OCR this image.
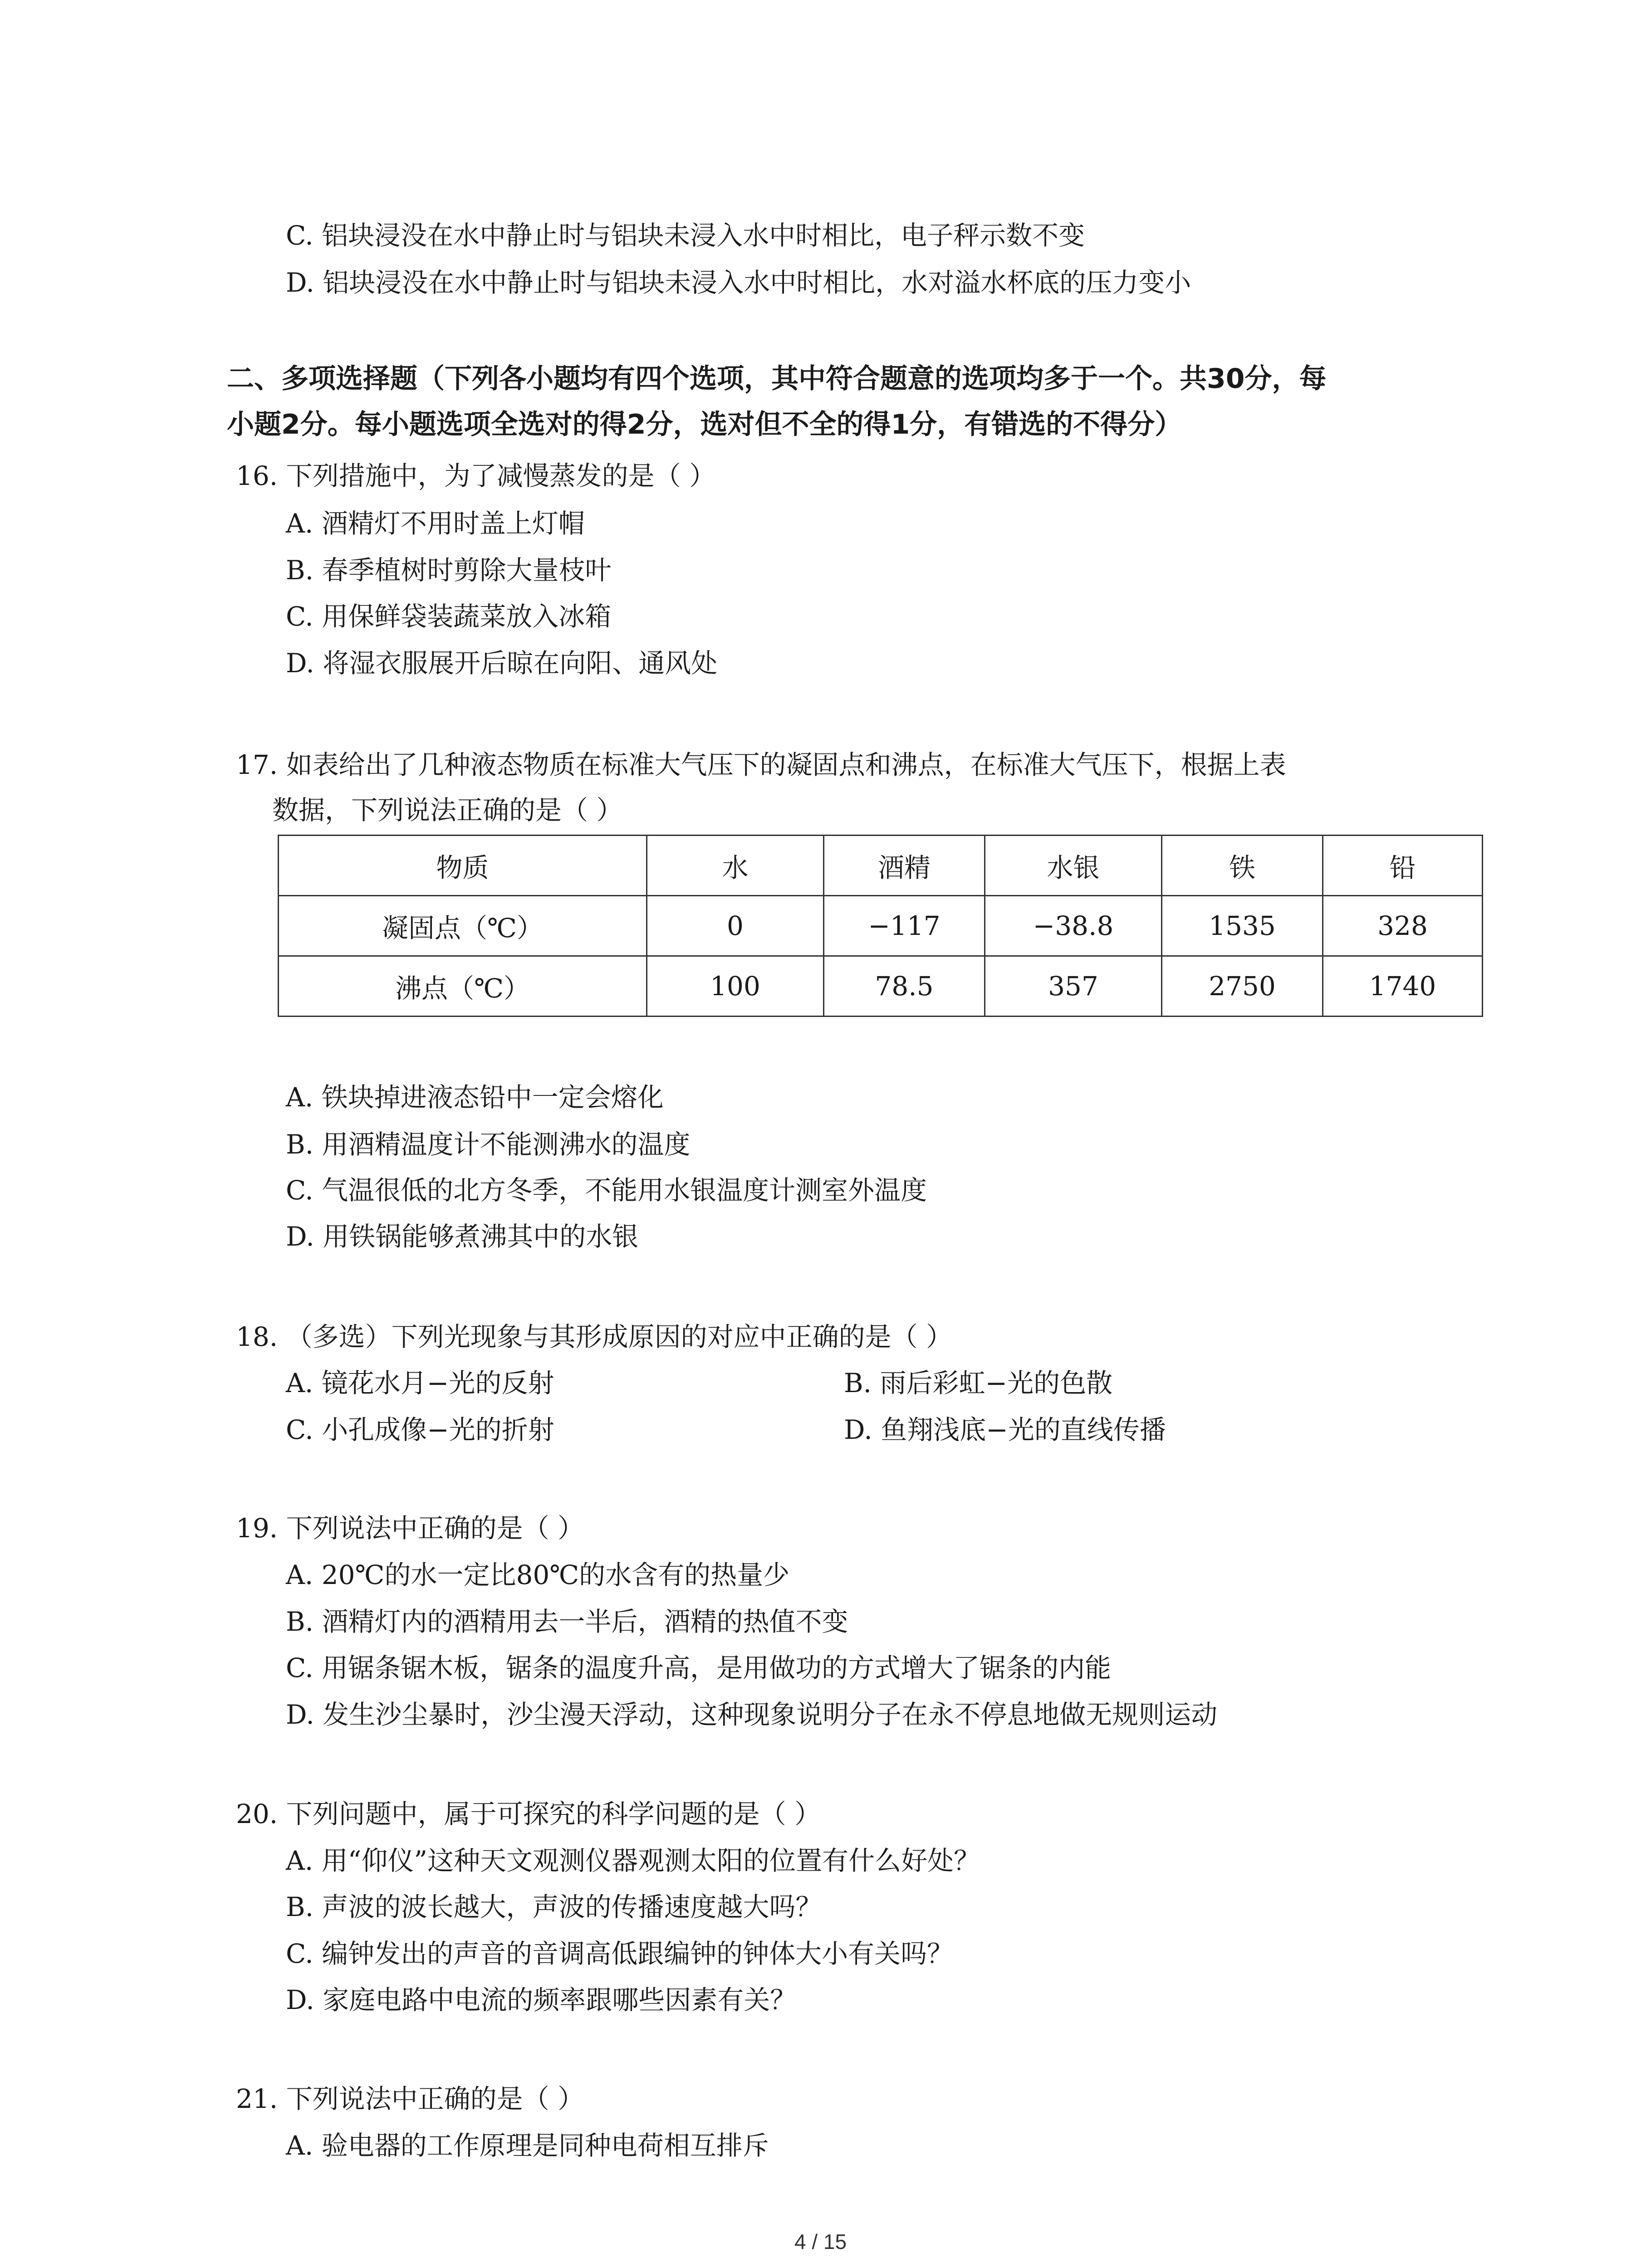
C. 铝块浸没在水中静止时与铝块未浸入水中时相比，电子秤示数不变
D. 铝块浸没在水中静止时与铝块未浸入水中时相比，水对溢水杯底的压力变小
二、多项选择题（下列各小题均有四个选项，其中符合题意的选项均多于一个。共30分，每
小题2分。每小题选项全选对的得2分，选对但不全的得1分，有错选的不得分）
16. 下列措施中，为了减慢蒸发的是（ ）
A. 酒精灯不用时盖上灯帽
B. 春季植树时剪除大量枝叶
C. 用保鲜袋装蔬菜放入冰箱
D. 将湿衣服展开后晾在向阳、通风处
17. 如表给出了几种液态物质在标准大气压下的凝固点和沸点，在标准大气压下，根据上表
数据，下列说法正确的是（ ）
物质	水	酒精	水银	铁	铅
凝固点（℃）	0	−117	−38.8	1535	328
沸点（℃）	100	78.5	357	2750	1740
A. 铁块掉进液态铅中一定会熔化
B. 用酒精温度计不能测沸水的温度
C. 气温很低的北方冬季，不能用水银温度计测室外温度
D. 用铁锅能够煮沸其中的水银
18. （多选）下列光现象与其形成原因的对应中正确的是（ ）
A. 镜花水月−光的反射	B. 雨后彩虹−光的色散
C. 小孔成像−光的折射	D. 鱼翔浅底−光的直线传播
19. 下列说法中正确的是（ ）
A. 20℃的水一定比80℃的水含有的热量少
B. 酒精灯内的酒精用去一半后，酒精的热值不变
C. 用锯条锯木板，锯条的温度升高，是用做功的方式增大了锯条的内能
D. 发生沙尘暴时，沙尘漫天浮动，这种现象说明分子在永不停息地做无规则运动
20. 下列问题中，属于可探究的科学问题的是（ ）
A. 用“仰仪”这种天文观测仪器观测太阳的位置有什么好处？
B. 声波的波长越大，声波的传播速度越大吗？
C. 编钟发出的声音的音调高低跟编钟的钟体大小有关吗？
D. 家庭电路中电流的频率跟哪些因素有关？
21. 下列说法中正确的是（ ）
A. 验电器的工作原理是同种电荷相互排斥
4 / 15
